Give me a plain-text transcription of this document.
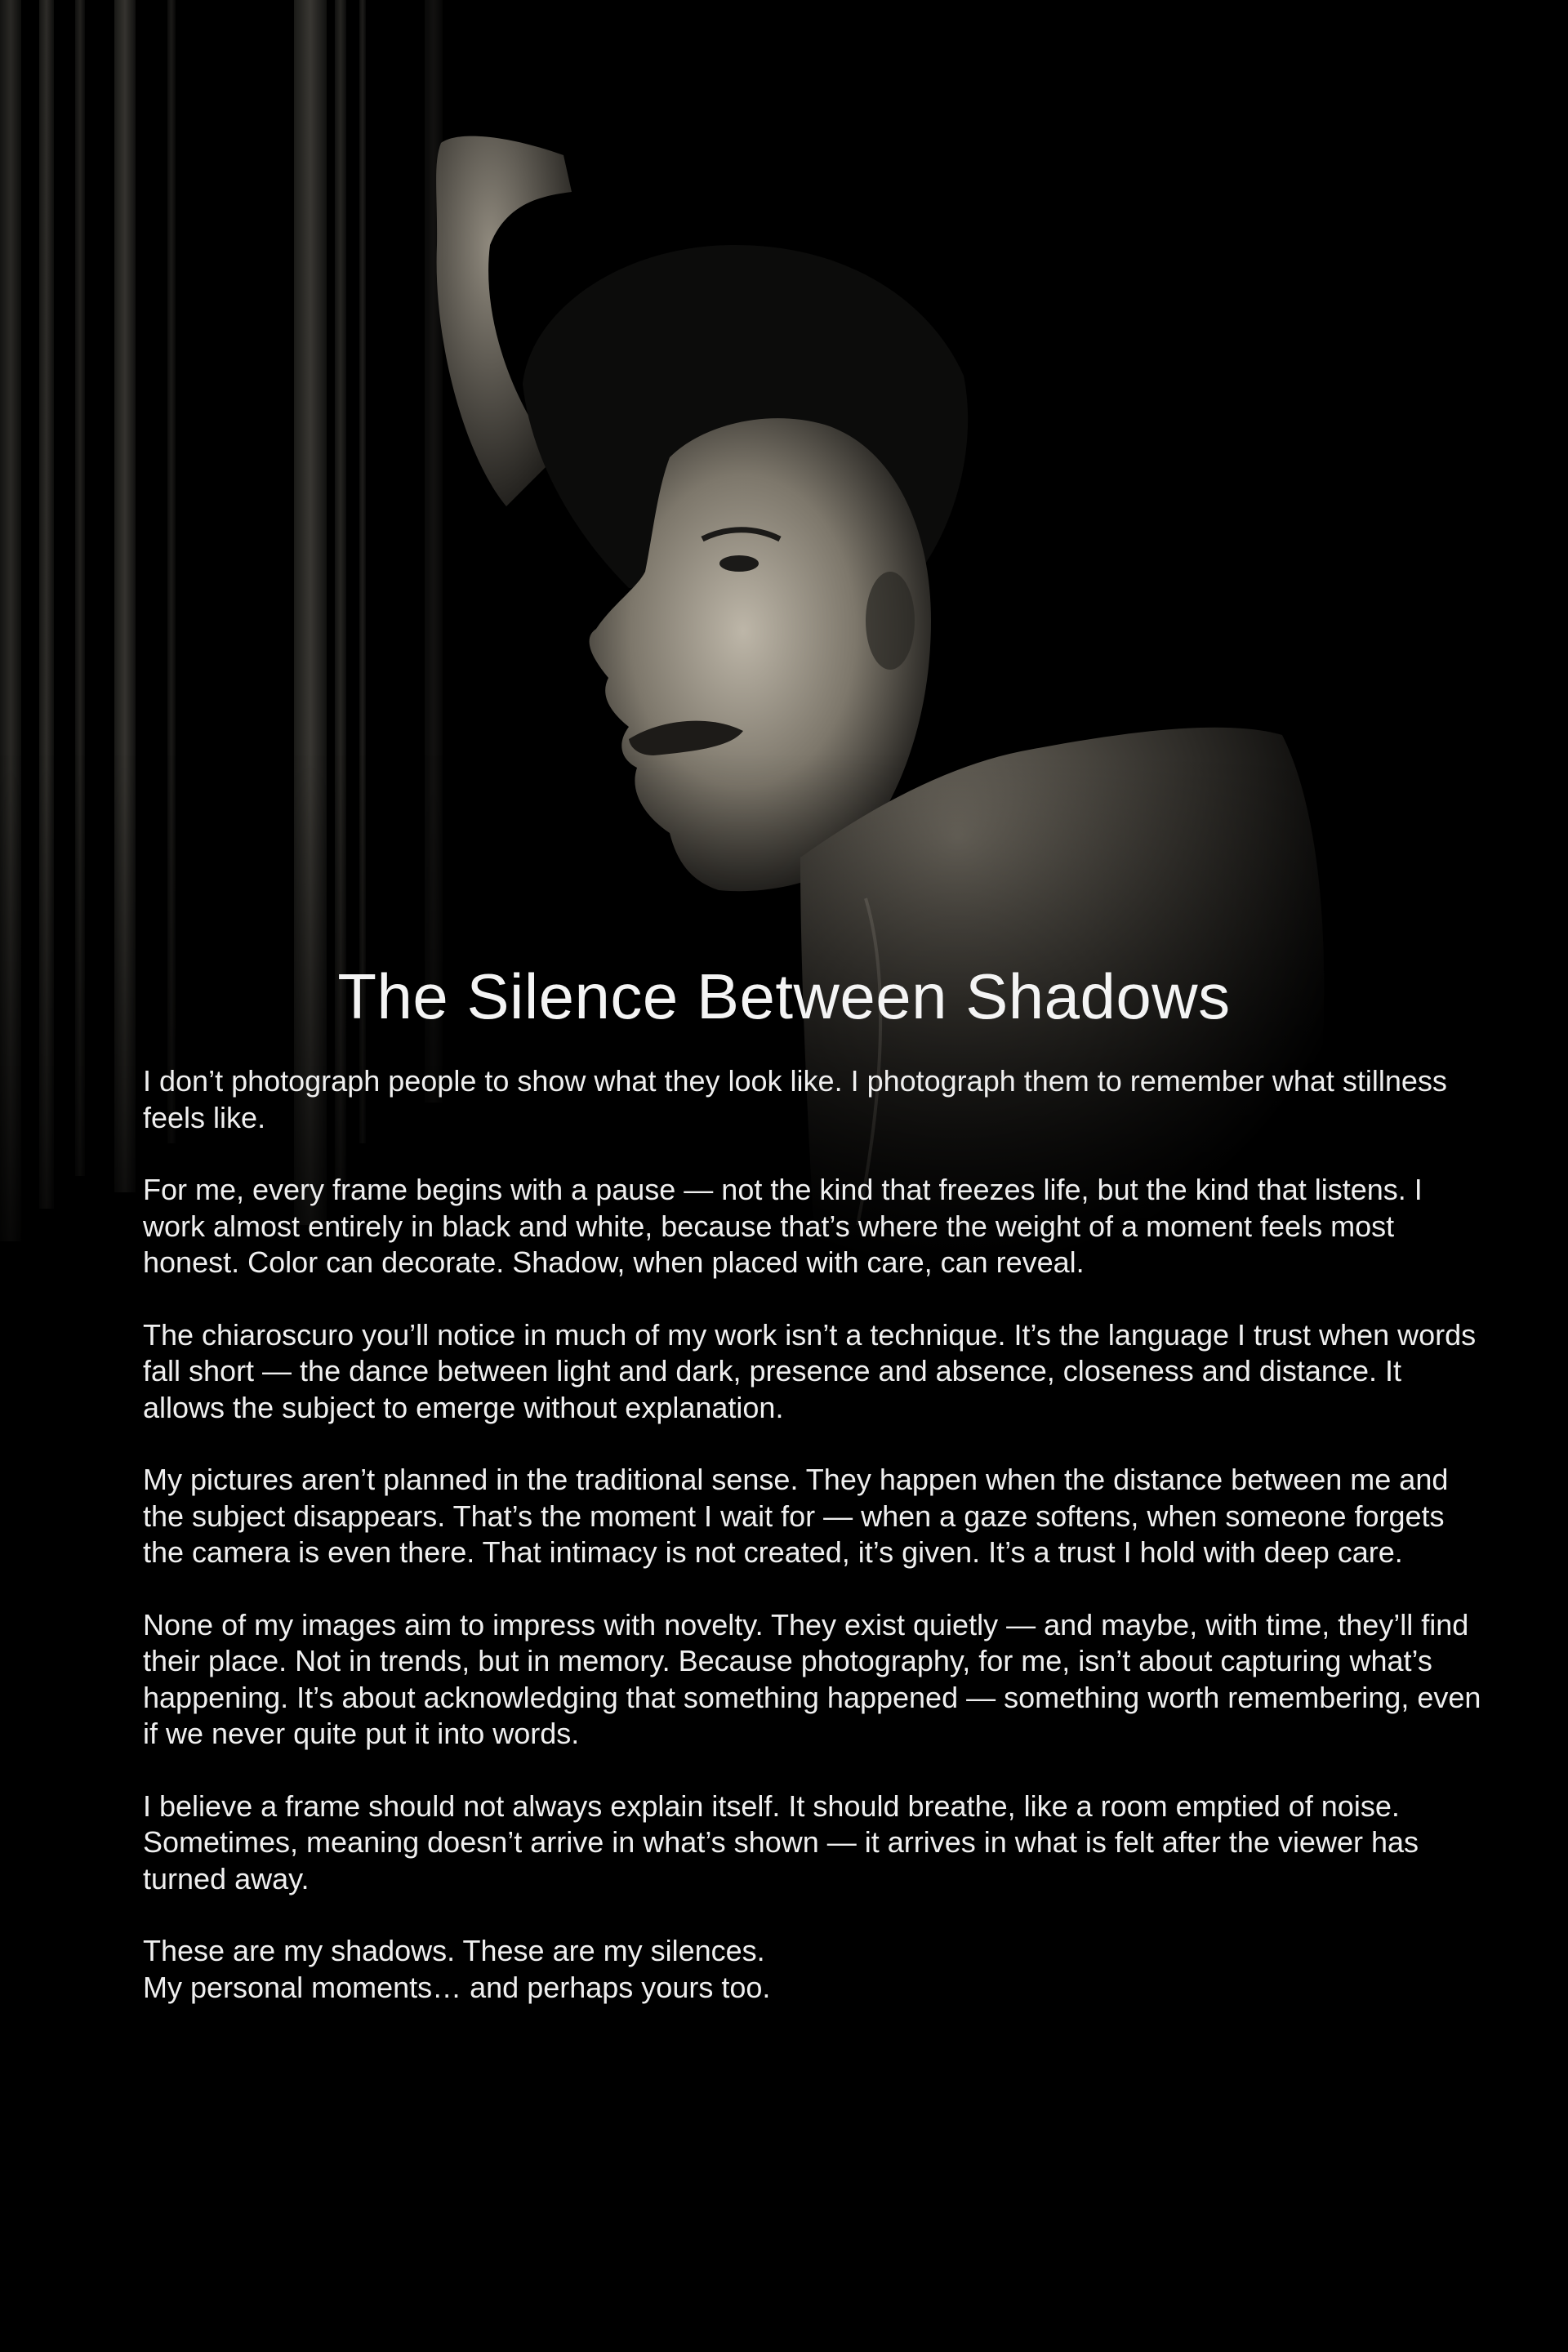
The Silence Between Shadows

I don’t photograph people to show what they look like. I photograph them to remember what stillness feels like.

For me, every frame begins with a pause — not the kind that freezes life, but the kind that listens. I work almost entirely in black and white, because that’s where the weight of a moment feels most honest. Color can decorate. Shadow, when placed with care, can reveal.

The chiaroscuro you’ll notice in much of my work isn’t a technique. It’s the language I trust when words fall short — the dance between light and dark, presence and absence, closeness and distance. It allows the subject to emerge without explanation.

My pictures aren’t planned in the traditional sense. They happen when the distance between me and the subject disappears. That’s the moment I wait for — when a gaze softens, when someone forgets the camera is even there. That intimacy is not created, it’s given. It’s a trust I hold with deep care.

None of my images aim to impress with novelty. They exist quietly — and maybe, with time, they’ll find their place. Not in trends, but in memory. Because photography, for me, isn’t about capturing what’s happening. It’s about acknowledging that something happened — something worth remembering, even if we never quite put it into words.

I believe a frame should not always explain itself. It should breathe, like a room emptied of noise. Sometimes, meaning doesn’t arrive in what’s shown — it arrives in what is felt after the viewer has turned away.

These are my shadows. These are my silences.
My personal moments… and perhaps yours too.
